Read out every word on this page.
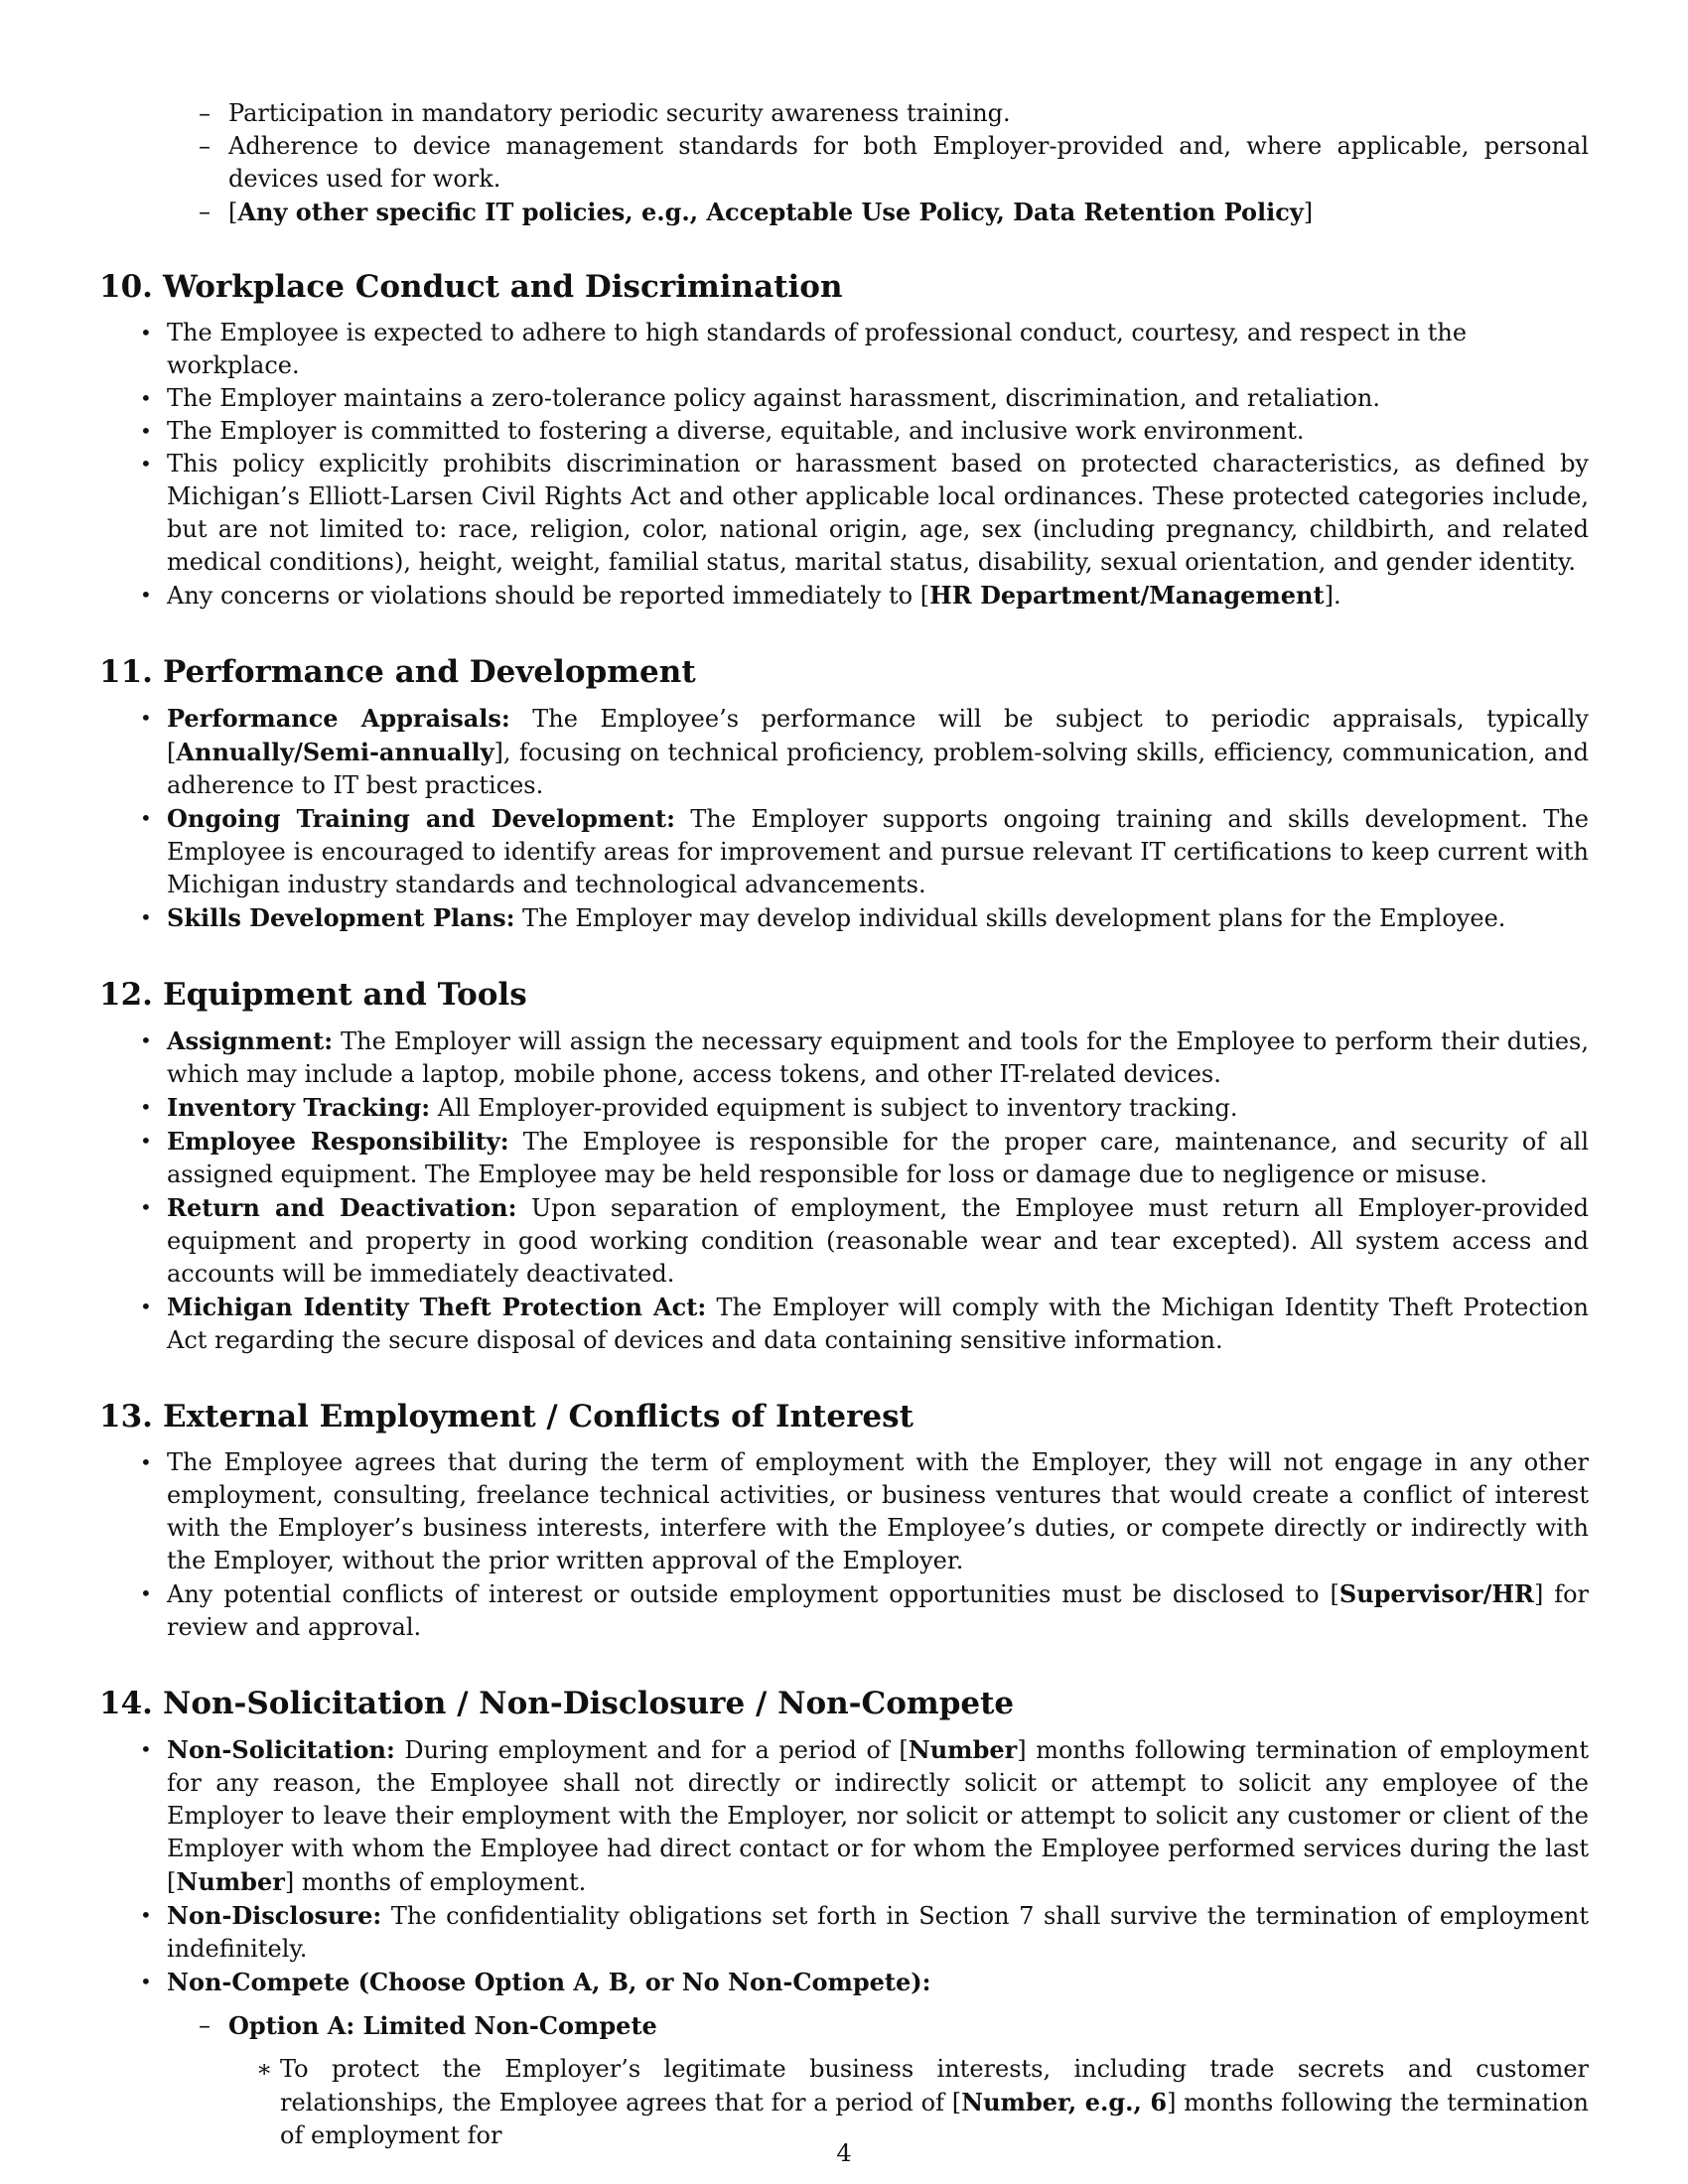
– Participation in mandatory periodic security awareness training.
– Adherence to device management standards for both Employer-provided and, where applicable, personal devices used for work.
– [Any other specific IT policies, e.g., Acceptable Use Policy, Data Retention Policy]
10. Workplace Conduct and Discrimination
• The Employee is expected to adhere to high standards of professional conduct, courtesy, and respect in the workplace.
• The Employer maintains a zero-tolerance policy against harassment, discrimination, and retaliation.
• The Employer is committed to fostering a diverse, equitable, and inclusive work environment.
• This policy explicitly prohibits discrimination or harassment based on protected characteristics, as defined by Michigan’s Elliott-Larsen Civil Rights Act and other applicable local ordinances. These protected categories include, but are not limited to: race, religion, color, national origin, age, sex (including pregnancy, childbirth, and related medical conditions), height, weight, familial status, marital status, disability, sexual orientation, and gender identity.
• Any concerns or violations should be reported immediately to [HR Department/Management].
11. Performance and Development
• Performance Appraisals: The Employee’s performance will be subject to periodic appraisals, typically [Annually/Semi-annually], focusing on technical proficiency, problem-solving skills, efficiency, communication, and adherence to IT best practices.
• Ongoing Training and Development: The Employer supports ongoing training and skills development. The Employee is encouraged to identify areas for improvement and pursue relevant IT certifications to keep current with Michigan industry standards and technological advancements.
• Skills Development Plans: The Employer may develop individual skills development plans for the Employee.
12. Equipment and Tools
• Assignment: The Employer will assign the necessary equipment and tools for the Employee to perform their duties, which may include a laptop, mobile phone, access tokens, and other IT-related devices.
• Inventory Tracking: All Employer-provided equipment is subject to inventory tracking.
• Employee Responsibility: The Employee is responsible for the proper care, maintenance, and security of all assigned equipment. The Employee may be held responsible for loss or damage due to negligence or misuse.
• Return and Deactivation: Upon separation of employment, the Employee must return all Employer-provided equipment and property in good working condition (reasonable wear and tear excepted). All system access and accounts will be immediately deactivated.
• Michigan Identity Theft Protection Act: The Employer will comply with the Michigan Identity Theft Protection Act regarding the secure disposal of devices and data containing sensitive information.
13. External Employment / Conflicts of Interest
• The Employee agrees that during the term of employment with the Employer, they will not engage in any other employment, consulting, freelance technical activities, or business ventures that would create a conflict of interest with the Employer’s business interests, interfere with the Employee’s duties, or compete directly or indirectly with the Employer, without the prior written approval of the Employer.
• Any potential conflicts of interest or outside employment opportunities must be disclosed to [Supervisor/HR] for review and approval.
14. Non-Solicitation / Non-Disclosure / Non-Compete
• Non-Solicitation: During employment and for a period of [Number] months following termination of employment for any reason, the Employee shall not directly or indirectly solicit or attempt to solicit any employee of the Employer to leave their employment with the Employer, nor solicit or attempt to solicit any customer or client of the Employer with whom the Employee had direct contact or for whom the Employee performed services during the last [Number] months of employment.
• Non-Disclosure: The confidentiality obligations set forth in Section 7 shall survive the termination of employment indefinitely.
• Non-Compete (Choose Option A, B, or No Non-Compete):
– Option A: Limited Non-Compete
∗ To protect the Employer’s legitimate business interests, including trade secrets and customer relationships, the Employee agrees that for a period of [Number, e.g., 6] months following the termination of employment for
4
